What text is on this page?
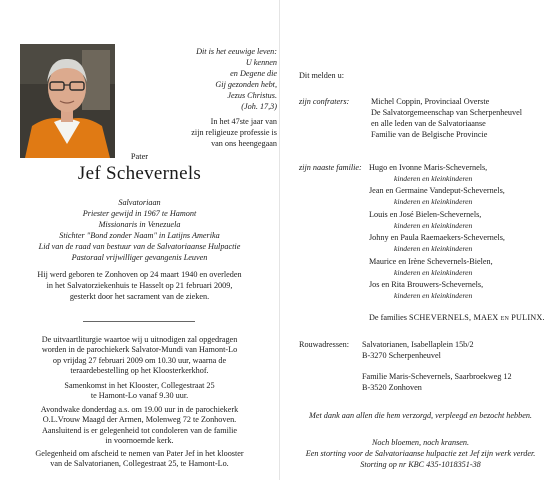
Dit is het eeuwige leven:
U kennen
en Degene die
Gij gezonden hebt,
Jezus Christus.
(Joh. 17,3)
In het 47ste jaar van
zijn religieuze professie is
van ons heengegaan
Pater
Jef Schevernels
Salvatoriaan
Priester gewijd in 1967 te Hamont
Missionaris in Venezuela
Stichter "Bond zonder Naam" in Latijns Amerika
Lid van de raad van bestuur van de Salvatoriaanse Hulpactie
Pastoraal vrijwilliger gevangenis Leuven
Hij werd geboren te Zonhoven op 24 maart 1940 en overleden
in het Salvatorziekenhuis te Hasselt op 21 februari 2009,
gesterkt door het sacrament van de zieken.
De uitvaartliturgie waartoe wij u uitnodigen zal opgedragen
worden in de parochiekerk Salvator-Mundi van Hamont-Lo
op vrijdag 27 februari 2009 om 10.30 uur, waarna de
teraardebestelling op het Kloosterkerkhof.
Samenkomst in het Klooster, Collegestraat 25
te Hamont-Lo vanaf 9.30 uur.
Avondwake donderdag a.s. om 19.00 uur in de parochiekerk
O.L.Vrouw Maagd der Armen, Molenweg 72 te Zonhoven.
Aansluitend is er gelegenheid tot condoleren van de familie
in voornoemde kerk.
Gelegenheid om afscheid te nemen van Pater Jef in het klooster
van de Salvatorianen, Collegestraat 25, te Hamont-Lo.
Dit melden u:
zijn confraters:	Michel Coppin, Provinciaal Overste
De Salvatorgemeenschap van Scherpenheuvel
en alle leden van de Salvatoriaanse
Familie van de Belgische Provincie
zijn naaste familie: Hugo en Ivonne Maris-Schevernels,
kinderen en kleinkinderen
Jean en Germaine Vandeput-Schevernels,
kinderen en kleinkinderen
Louis en José Bielen-Schevernels,
kinderen en kleinkinderen
Johny en Paula Raemaekers-Schevernels,
kinderen en kleinkinderen
Maurice en Irène Schevernels-Bielen,
kinderen en kleinkinderen
Jos en Rita Brouwers-Schevernels,
kinderen en kleinkinderen
De families SCHEVERNELS, MAEX en PULINX.
Rouwadressen: Salvatorianen, Isabellaplein 15b/2
B-3270 Scherpenheuvel
Familie Maris-Schevernels, Saarbroekweg 12
B-3520 Zonhoven
Met dank aan allen die hem verzorgd, verpleegd en bezocht hebben.
Noch bloemen, noch kransen.
Een storting voor de Salvatoriaanse hulpactie zet Jef zijn werk verder.
Storting op nr KBC 435-1018351-38
